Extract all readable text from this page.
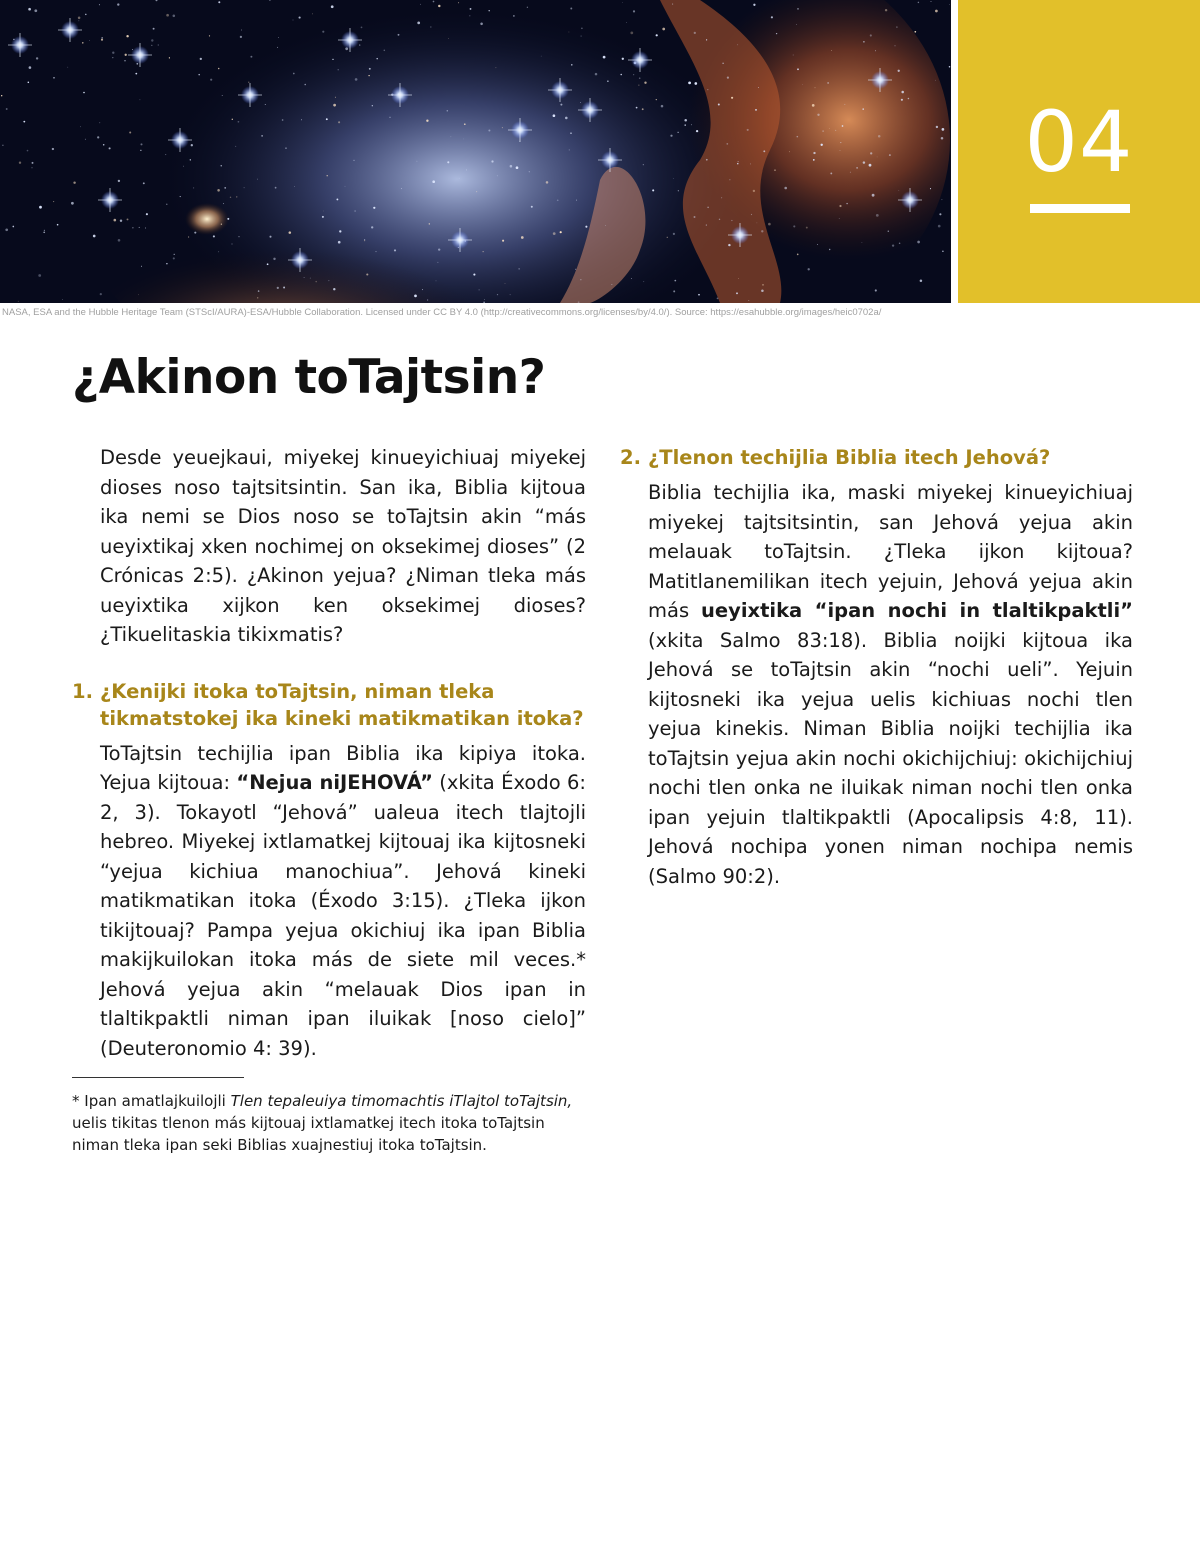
04
NASA, ESA and the Hubble Heritage Team (STScI/AURA)-ESA/Hubble Collaboration. Licensed under CC BY 4.0 (http://creativecommons.org/licenses/by/4.0/). Source: https://esahubble.org/images/heic0702a/
¿Akinon toTajtsin?

Desde yeuejkaui, miyekej kinueyichiuaj miyekej dioses noso tajtsitsintin. San ika, Biblia kijtoua ika nemi se Dios noso se toTajtsin akin “más ueyixtikaj xken nochimej on oksekimej dioses” (2 Crónicas 2:5). ¿Akinon yejua? ¿Niman tleka más ueyixtika xijkon ken oksekimej dioses? ¿Tikuelitaskia tikixmatis?

1. ¿Kenijki itoka toTajtsin, niman tleka tikmatstokej ika kineki matikmatikan itoka?

ToTajtsin techijlia ipan Biblia ika kipiya itoka. Yejua kijtoua: “Nejua niJEHOVÁ” (xkita Éxodo 6: 2, 3). Tokayotl “Jehová” ualeua itech tlajtojli hebreo. Miyekej ixtlamatkej kijtouaj ika kijtosneki “yejua kichiua manochiua”. Jehová kineki matikmatikan itoka (Éxodo 3:15). ¿Tleka ijkon tikijtouaj? Pampa yejua okichiuj ika ipan Biblia makijkuilokan itoka más de siete mil veces.* Jehová yejua akin “melauak Dios ipan in tlaltikpaktli niman ipan iluikak [noso cielo]” (Deuteronomio 4: 39).

* Ipan amatlajkuilojli Tlen tepaleuiya timomachtis iTlajtol toTajtsin, uelis tikitas tlenon más kijtouaj ixtlamatkej itech itoka toTajtsin niman tleka ipan seki Biblias xuajnestiuj itoka toTajtsin.

2. ¿Tlenon techijlia Biblia itech Jehová?

Biblia techijlia ika, maski miyekej kinueyichiuaj miyekej tajtsitsintin, san Jehová yejua akin melauak toTajtsin. ¿Tleka ijkon kijtoua? Matitlanemilikan itech yejuin, Jehová yejua akin más ueyixtika “ipan nochi in tlaltikpaktli” (xkita Salmo 83:18). Biblia noijki kijtoua ika Jehová se toTajtsin akin “nochi ueli”. Yejuin kijtosneki ika yejua uelis kichiuas nochi tlen yejua kinekis. Niman Biblia noijki techijlia ika toTajtsin yejua akin nochi okichijchiuj: okichijchiuj nochi tlen onka ne iluikak niman nochi tlen onka ipan yejuin tlaltikpaktli (Apocalipsis 4:8, 11). Jehová nochipa yonen niman nochipa nemis (Salmo 90:2).
